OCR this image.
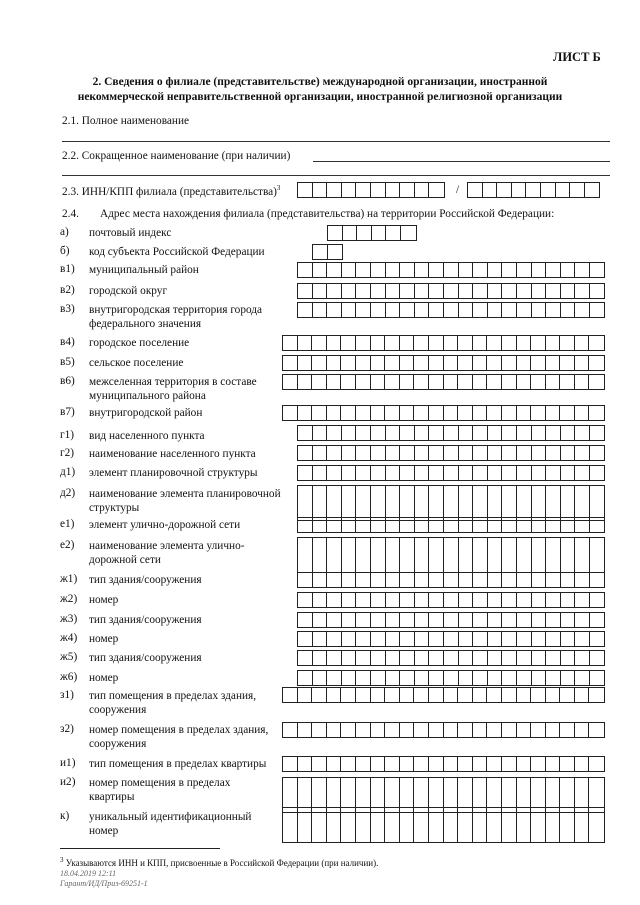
ЛИСТ Б
2. Сведения о филиале (представительстве) международной организации, иностранной
некоммерческой неправительственной организации, иностранной религиозной организации
2.1. Полное наименование
2.2. Сокращенное наименование (при наличии)
2.3. ИНН/КПП филиала (представительства)$^3$	/
2.4. Адрес места нахождения филиала (представительства) на территории Российской Федерации:
а)	почтовый индекс
б)	код субъекта Российской Федерации
в1)	муниципальный район
в2)	городской округ
в3)	внутригородская территория города федерального значения
в4)	городское поселение
в5)	сельское поселение
в6)	межселенная территория в составе муниципального района
в7)	внутригородской район
г1)	вид населенного пункта
г2)	наименование населенного пункта
д1)	элемент планировочной структуры
д2)	наименование элемента планировочной структуры
е1)	элемент улично-дорожной сети
е2)	наименование элемента улично-дорожной сети
ж1)	тип здания/сооружения
ж2)	номер
ж3)	тип здания/сооружения
ж4)	номер
ж5)	тип здания/сооружения
ж6)	номер
з1)	тип помещения в пределах здания, сооружения
з2)	номер помещения в пределах здания, сооружения
и1)	тип помещения в пределах квартиры
и2)	номер помещения в пределах квартиры
к)	уникальный идентификационный номер
$^3$ Указываются ИНН и КПП, присвоенные в Российской Федерации (при наличии).
18.04.2019 12:11
Гарант/ИД/Приз-69251-1
